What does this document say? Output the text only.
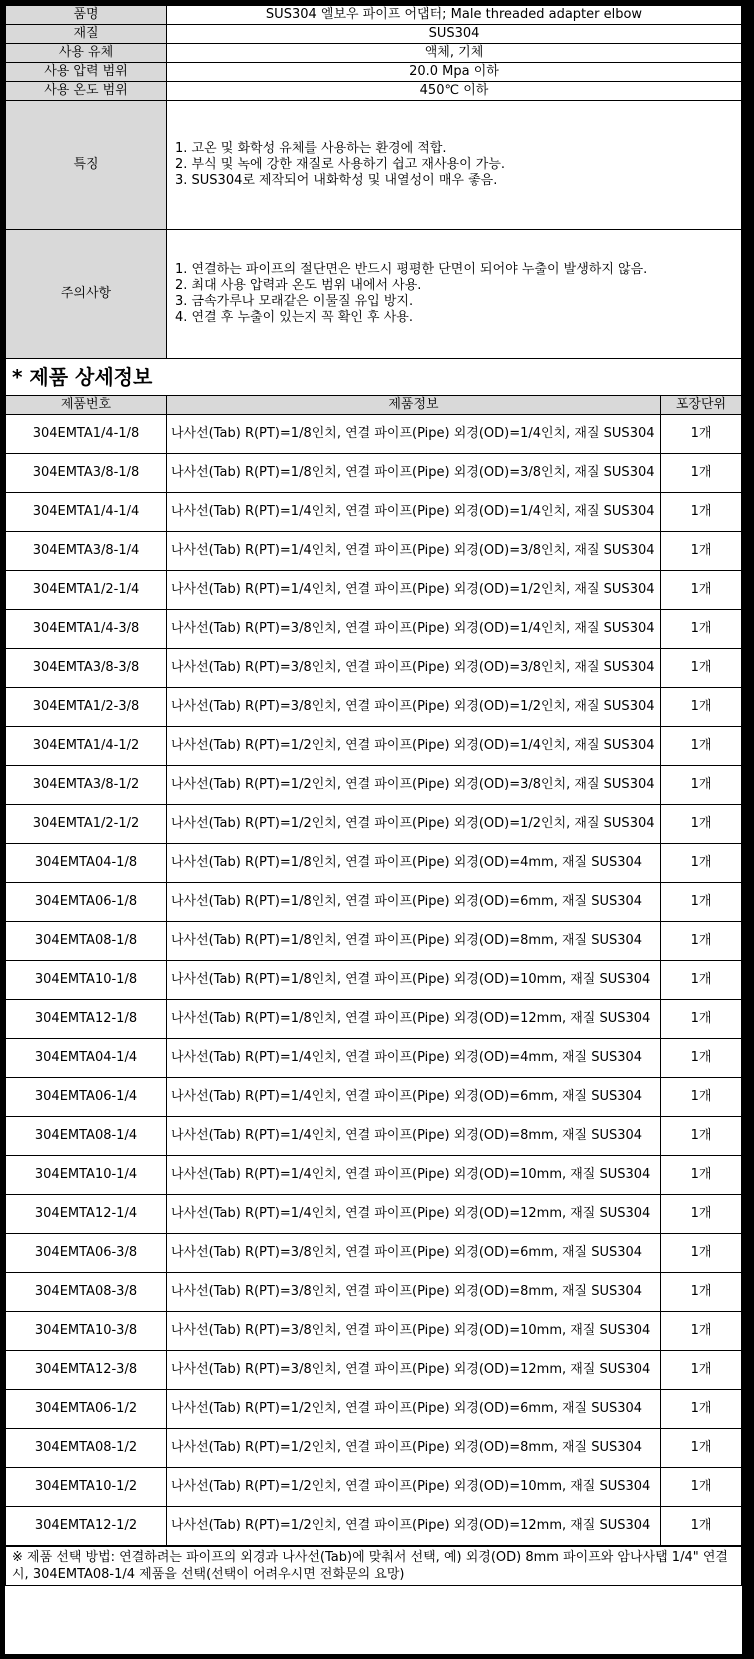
품명	SUS304 엘보우 파이프 어댑터; Male threaded adapter elbow
재질	SUS304
사용 유체	액체, 기체
사용 압력 범위	20.0 Mpa 이하
사용 온도 범위	450℃ 이하
특징	1. 고온 및 화학성 유체를 사용하는 환경에 적합.
2. 부식 및 녹에 강한 재질로 사용하기 쉽고 재사용이 가능.
3. SUS304로 제작되어 내화학성 및 내열성이 매우 좋음.

주의사항	1. 연결하는 파이프의 절단면은 반드시 평평한 단면이 되어야 누출이 발생하지 않음.
2. 최대 사용 압력과 온도 범위 내에서 사용.
3. 금속가루나 모래같은 이물질 유입 방지.
4. 연결 후 누출이 있는지 꼭 확인 후 사용.
* 제품 상세정보
제품번호	제품정보	포장단위
304EMTA1/4-1/8	나사선(Tab) R(PT)=1/8인치, 연결 파이프(Pipe) 외경(OD)=1/4인치, 재질 SUS304	1개
304EMTA3/8-1/8	나사선(Tab) R(PT)=1/8인치, 연결 파이프(Pipe) 외경(OD)=3/8인치, 재질 SUS304	1개
304EMTA1/4-1/4	나사선(Tab) R(PT)=1/4인치, 연결 파이프(Pipe) 외경(OD)=1/4인치, 재질 SUS304	1개
304EMTA3/8-1/4	나사선(Tab) R(PT)=1/4인치, 연결 파이프(Pipe) 외경(OD)=3/8인치, 재질 SUS304	1개
304EMTA1/2-1/4	나사선(Tab) R(PT)=1/4인치, 연결 파이프(Pipe) 외경(OD)=1/2인치, 재질 SUS304	1개
304EMTA1/4-3/8	나사선(Tab) R(PT)=3/8인치, 연결 파이프(Pipe) 외경(OD)=1/4인치, 재질 SUS304	1개
304EMTA3/8-3/8	나사선(Tab) R(PT)=3/8인치, 연결 파이프(Pipe) 외경(OD)=3/8인치, 재질 SUS304	1개
304EMTA1/2-3/8	나사선(Tab) R(PT)=3/8인치, 연결 파이프(Pipe) 외경(OD)=1/2인치, 재질 SUS304	1개
304EMTA1/4-1/2	나사선(Tab) R(PT)=1/2인치, 연결 파이프(Pipe) 외경(OD)=1/4인치, 재질 SUS304	1개
304EMTA3/8-1/2	나사선(Tab) R(PT)=1/2인치, 연결 파이프(Pipe) 외경(OD)=3/8인치, 재질 SUS304	1개
304EMTA1/2-1/2	나사선(Tab) R(PT)=1/2인치, 연결 파이프(Pipe) 외경(OD)=1/2인치, 재질 SUS304	1개
304EMTA04-1/8	나사선(Tab) R(PT)=1/8인치, 연결 파이프(Pipe) 외경(OD)=4mm, 재질 SUS304	1개
304EMTA06-1/8	나사선(Tab) R(PT)=1/8인치, 연결 파이프(Pipe) 외경(OD)=6mm, 재질 SUS304	1개
304EMTA08-1/8	나사선(Tab) R(PT)=1/8인치, 연결 파이프(Pipe) 외경(OD)=8mm, 재질 SUS304	1개
304EMTA10-1/8	나사선(Tab) R(PT)=1/8인치, 연결 파이프(Pipe) 외경(OD)=10mm, 재질 SUS304	1개
304EMTA12-1/8	나사선(Tab) R(PT)=1/8인치, 연결 파이프(Pipe) 외경(OD)=12mm, 재질 SUS304	1개
304EMTA04-1/4	나사선(Tab) R(PT)=1/4인치, 연결 파이프(Pipe) 외경(OD)=4mm, 재질 SUS304	1개
304EMTA06-1/4	나사선(Tab) R(PT)=1/4인치, 연결 파이프(Pipe) 외경(OD)=6mm, 재질 SUS304	1개
304EMTA08-1/4	나사선(Tab) R(PT)=1/4인치, 연결 파이프(Pipe) 외경(OD)=8mm, 재질 SUS304	1개
304EMTA10-1/4	나사선(Tab) R(PT)=1/4인치, 연결 파이프(Pipe) 외경(OD)=10mm, 재질 SUS304	1개
304EMTA12-1/4	나사선(Tab) R(PT)=1/4인치, 연결 파이프(Pipe) 외경(OD)=12mm, 재질 SUS304	1개
304EMTA06-3/8	나사선(Tab) R(PT)=3/8인치, 연결 파이프(Pipe) 외경(OD)=6mm, 재질 SUS304	1개
304EMTA08-3/8	나사선(Tab) R(PT)=3/8인치, 연결 파이프(Pipe) 외경(OD)=8mm, 재질 SUS304	1개
304EMTA10-3/8	나사선(Tab) R(PT)=3/8인치, 연결 파이프(Pipe) 외경(OD)=10mm, 재질 SUS304	1개
304EMTA12-3/8	나사선(Tab) R(PT)=3/8인치, 연결 파이프(Pipe) 외경(OD)=12mm, 재질 SUS304	1개
304EMTA06-1/2	나사선(Tab) R(PT)=1/2인치, 연결 파이프(Pipe) 외경(OD)=6mm, 재질 SUS304	1개
304EMTA08-1/2	나사선(Tab) R(PT)=1/2인치, 연결 파이프(Pipe) 외경(OD)=8mm, 재질 SUS304	1개
304EMTA10-1/2	나사선(Tab) R(PT)=1/2인치, 연결 파이프(Pipe) 외경(OD)=10mm, 재질 SUS304	1개
304EMTA12-1/2	나사선(Tab) R(PT)=1/2인치, 연결 파이프(Pipe) 외경(OD)=12mm, 재질 SUS304	1개
※ 제품 선택 방법: 연결하려는 파이프의 외경과 나사선(Tab)에 맞춰서 선택, 예) 외경(OD) 8mm 파이프와 암나사탭 1/4" 연결 시, 304EMTA08-1/4 제품을 선택(선택이 어려우시면 전화문의 요망)
